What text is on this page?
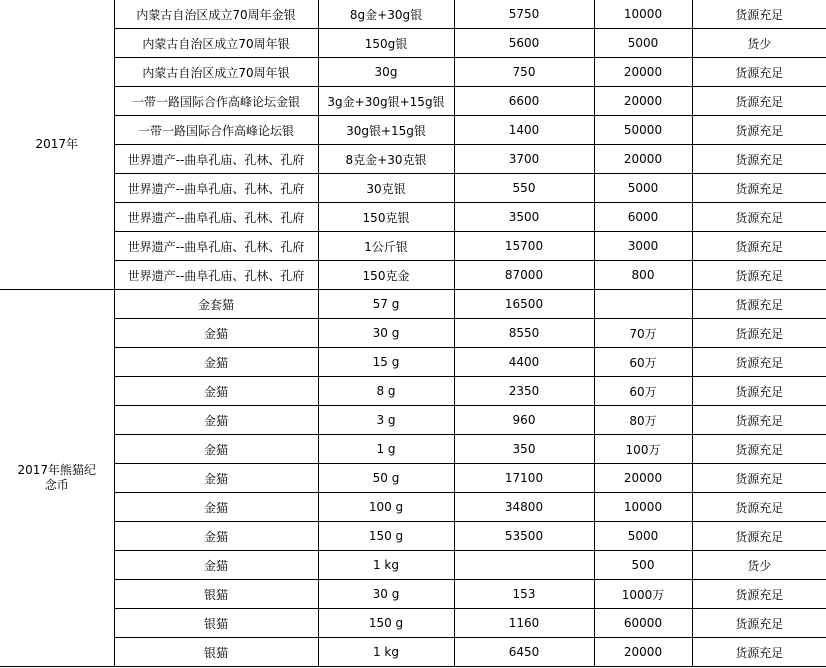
2017年	内蒙古自治区成立70周年金银	8g金+30g银	5750	10000	货源充足
	内蒙古自治区成立70周年银	150g银	5600	5000	货少
	内蒙古自治区成立70周年银	30g	750	20000	货源充足
	一带一路国际合作高峰论坛金银	3g金+30g银+15g银	6600	20000	货源充足
	一带一路国际合作高峰论坛银	30g银+15g银	1400	50000	货源充足
	世界遗产--曲阜孔庙、孔林、孔府	8克金+30克银	3700	20000	货源充足
	世界遗产--曲阜孔庙、孔林、孔府	30克银	550	5000	货源充足
	世界遗产--曲阜孔庙、孔林、孔府	150克银	3500	6000	货源充足
	世界遗产--曲阜孔庙、孔林、孔府	1公斤银	15700	3000	货源充足
	世界遗产--曲阜孔庙、孔林、孔府	150克金	87000	800	货源充足
2017年熊猫纪念币	金套猫	57 g	16500		货源充足
	金猫	30 g	8550	70万	货源充足
	金猫	15 g	4400	60万	货源充足
	金猫	8 g	2350	60万	货源充足
	金猫	3 g	960	80万	货源充足
	金猫	1 g	350	100万	货源充足
	金猫	50 g	17100	20000	货源充足
	金猫	100 g	34800	10000	货源充足
	金猫	150 g	53500	5000	货源充足
	金猫	1 kg		500	货少
	银猫	30 g	153	1000万	货源充足
	银猫	150 g	1160	60000	货源充足
	银猫	1 kg	6450	20000	货源充足
